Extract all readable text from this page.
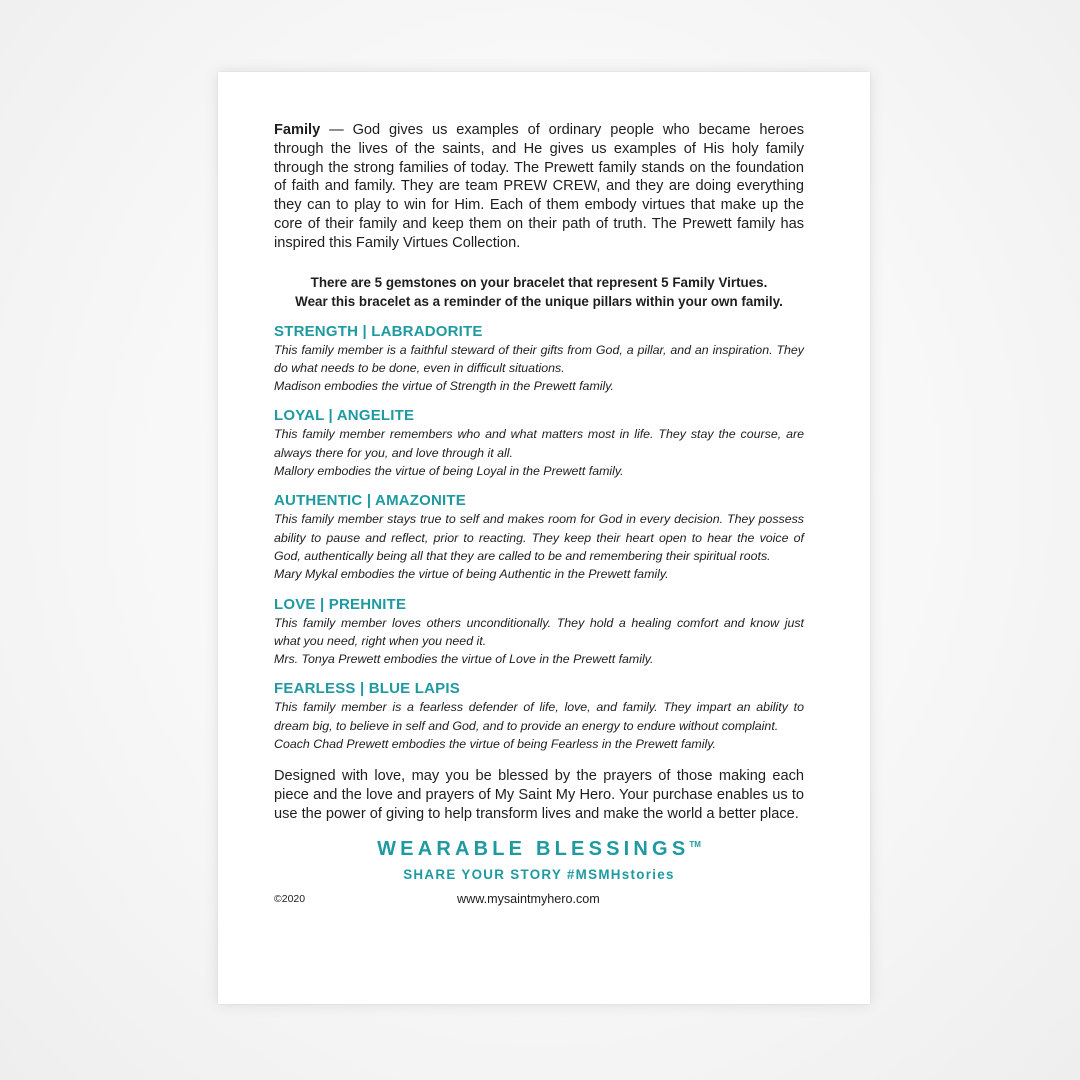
Family — God gives us examples of ordinary people who became heroes through the lives of the saints, and He gives us examples of His holy family through the strong families of today. The Prewett family stands on the foundation of faith and family. They are team PREW CREW, and they are doing everything they can to play to win for Him. Each of them embody virtues that make up the core of their family and keep them on their path of truth. The Prewett family has inspired this Family Virtues Collection.

There are 5 gemstones on your bracelet that represent 5 Family Virtues.
Wear this bracelet as a reminder of the unique pillars within your own family.
STRENGTH | LABRADORITE

This family member is a faithful steward of their gifts from God, a pillar, and an inspiration. They do what needs to be done, even in difficult situations.

Madison embodies the virtue of Strength in the Prewett family.

LOYAL | ANGELITE

This family member remembers who and what matters most in life. They stay the course, are always there for you, and love through it all.

Mallory embodies the virtue of being Loyal in the Prewett family.

AUTHENTIC | AMAZONITE

This family member stays true to self and makes room for God in every decision. They possess ability to pause and reflect, prior to reacting. They keep their heart open to hear the voice of God, authentically being all that they are called to be and remembering their spiritual roots.

Mary Mykal embodies the virtue of being Authentic in the Prewett family.

LOVE | PREHNITE

This family member loves others unconditionally. They hold a healing comfort and know just what you need, right when you need it.

Mrs. Tonya Prewett embodies the virtue of Love in the Prewett family.

FEARLESS | BLUE LAPIS

This family member is a fearless defender of life, love, and family. They impart an ability to dream big, to believe in self and God, and to provide an energy to endure without complaint.

Coach Chad Prewett embodies the virtue of being Fearless in the Prewett family.

Designed with love, may you be blessed by the prayers of those making each piece and the love and prayers of My Saint My Hero. Your purchase enables us to use the power of giving to help transform lives and make the world a better place.

WEARABLE BLESSINGS™
SHARE YOUR STORY #MSMHstories
©2020	www.mysaintmyhero.com
